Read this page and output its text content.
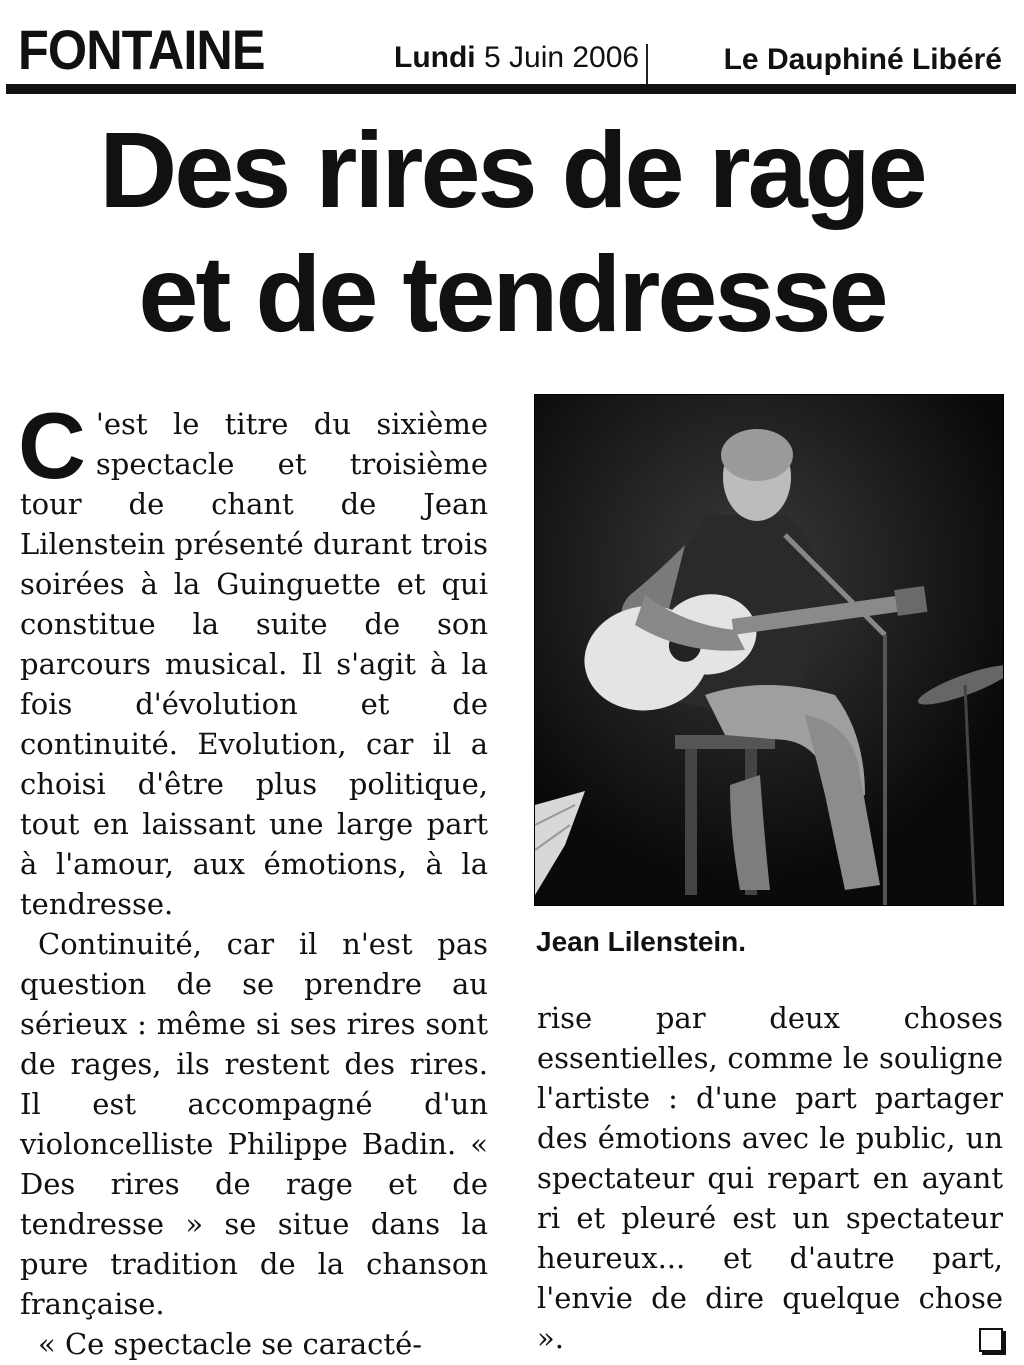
FONTAINE	Lundi 5 Juin 2006	Le Dauphiné Libéré
Des rires de rage
et de tendresse

C 'est le titre du sixième spectacle et troisième tour de chant de Jean Lilenstein présenté durant trois soirées à la Guinguette et qui constitue la suite de son parcours musical. Il s'agit à la fois d'évolution et de continuité. Evolution, car il a choisi d'être plus politique, tout en laissant une large part à l'amour, aux émotions, à la tendresse.

Continuité, car il n'est pas question de se prendre au sérieux : même si ses rires sont de rages, ils restent des rires. Il est accompagné d'un violoncelliste Philippe Badin. « Des rires de rage et de tendresse » se situe dans la pure tradition de la chanson française.

« Ce spectacle se caracté-

Jean Lilenstein.

rise par deux choses essentielles, comme le souligne l'artiste : d'une part partager des émotions avec le public, un spectateur qui repart en ayant ri et pleuré est un spectateur heureux... et d'autre part, l'envie de dire quelque chose ».
